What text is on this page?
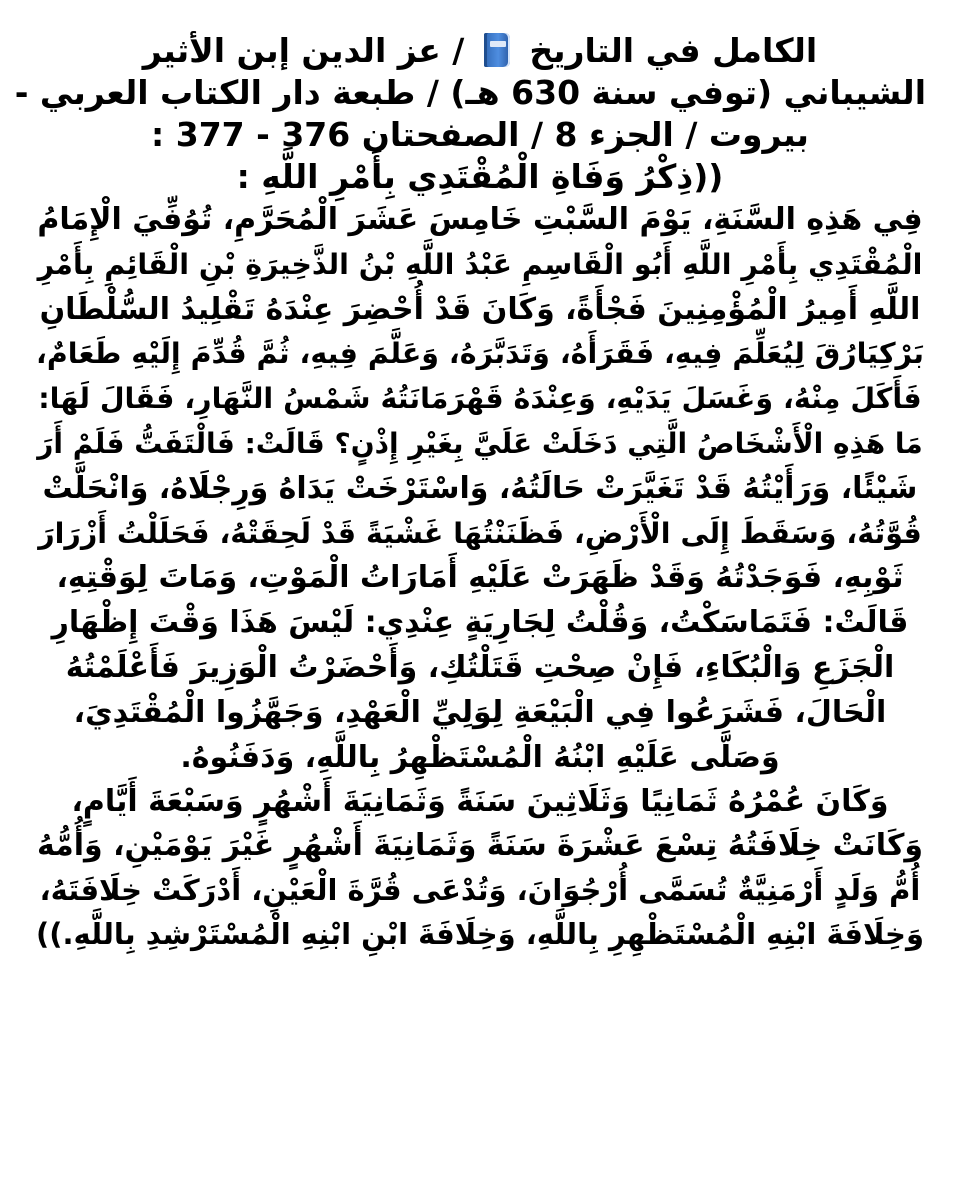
الكامل في التاريخ  / عز الدين إبن الأثير
الشيباني (توفي سنة 630 هـ) / طبعة دار الكتاب العربي -
بيروت / الجزء 8 / الصفحتان 376 - 377 :
((ذِكْرُ وَفَاةِ الْمُقْتَدِي بِأَمْرِ اللَّهِ :
فِي هَذِهِ السَّنَةِ، يَوْمَ السَّبْتِ خَامِسَ عَشَرَ الْمُحَرَّمِ، تُوُفِّيَ الْإِمَامُ
الْمُقْتَدِي بِأَمْرِ اللَّهِ أَبُو الْقَاسِمِ عَبْدُ اللَّهِ بْنُ الذَّخِيرَةِ بْنِ الْقَائِمِ بِأَمْرِ
اللَّهِ أَمِيرُ الْمُؤْمِنِينَ فَجْأَةً، وَكَانَ قَدْ أُحْضِرَ عِنْدَهُ تَقْلِيدُ السُّلْطَانِ
بَرْكِيَارُقَ لِيُعَلِّمَ فِيهِ، فَقَرَأَهُ، وَتَدَبَّرَهُ، وَعَلَّمَ فِيهِ، ثُمَّ قُدِّمَ إِلَيْهِ طَعَامٌ،
فَأَكَلَ مِنْهُ، وَغَسَلَ يَدَيْهِ، وَعِنْدَهُ قَهْرَمَانَتُهُ شَمْسُ النَّهَارِ، فَقَالَ لَهَا:
مَا هَذِهِ الْأَشْخَاصُ الَّتِي دَخَلَتْ عَلَيَّ بِغَيْرِ إِذْنٍ؟ قَالَتْ: فَالْتَفَتُّ فَلَمْ أَرَ
شَيْئًا، وَرَأَيْتُهُ قَدْ تَغَيَّرَتْ حَالَتُهُ، وَاسْتَرْخَتْ يَدَاهُ وَرِجْلَاهُ، وَانْحَلَّتْ
قُوَّتُهُ، وَسَقَطَ إِلَى الْأَرْضِ، فَظَنَنْتُهَا غَشْيَةً قَدْ لَحِقَتْهُ، فَحَلَلْتُ أَزْرَارَ
ثَوْبِهِ، فَوَجَدْتُهُ وَقَدْ ظَهَرَتْ عَلَيْهِ أَمَارَاتُ الْمَوْتِ، وَمَاتَ لِوَقْتِهِ،
قَالَتْ: فَتَمَاسَكْتُ، وَقُلْتُ لِجَارِيَةٍ عِنْدِي: لَيْسَ هَذَا وَقْتَ إِظْهَارِ
الْجَزَعِ وَالْبُكَاءِ، فَإِنْ صِحْتِ قَتَلْتُكِ، وَأَحْضَرْتُ الْوَزِيرَ فَأَعْلَمْتُهُ
الْحَالَ، فَشَرَعُوا فِي الْبَيْعَةِ لِوَلِيِّ الْعَهْدِ، وَجَهَّزُوا الْمُقْتَدِيَ،
وَصَلَّى عَلَيْهِ ابْنُهُ الْمُسْتَظْهِرُ بِاللَّهِ، وَدَفَنُوهُ.
وَكَانَ عُمْرُهُ ثَمَانِيًا وَثَلَاثِينَ سَنَةً وَثَمَانِيَةَ أَشْهُرٍ وَسَبْعَةَ أَيَّامٍ،
وَكَانَتْ خِلَافَتُهُ تِسْعَ عَشْرَةَ سَنَةً وَثَمَانِيَةَ أَشْهُرٍ غَيْرَ يَوْمَيْنِ، وَأُمُّهُ
أُمُّ وَلَدٍ أَرْمَنِيَّةٌ تُسَمَّى أُرْجُوَانَ، وَتُدْعَى قُرَّةَ الْعَيْنِ، أَدْرَكَتْ خِلَافَتَهُ،
وَخِلَافَةَ ابْنِهِ الْمُسْتَظْهِرِ بِاللَّهِ، وَخِلَافَةَ ابْنِ ابْنِهِ الْمُسْتَرْشِدِ بِاللَّهِ.))
